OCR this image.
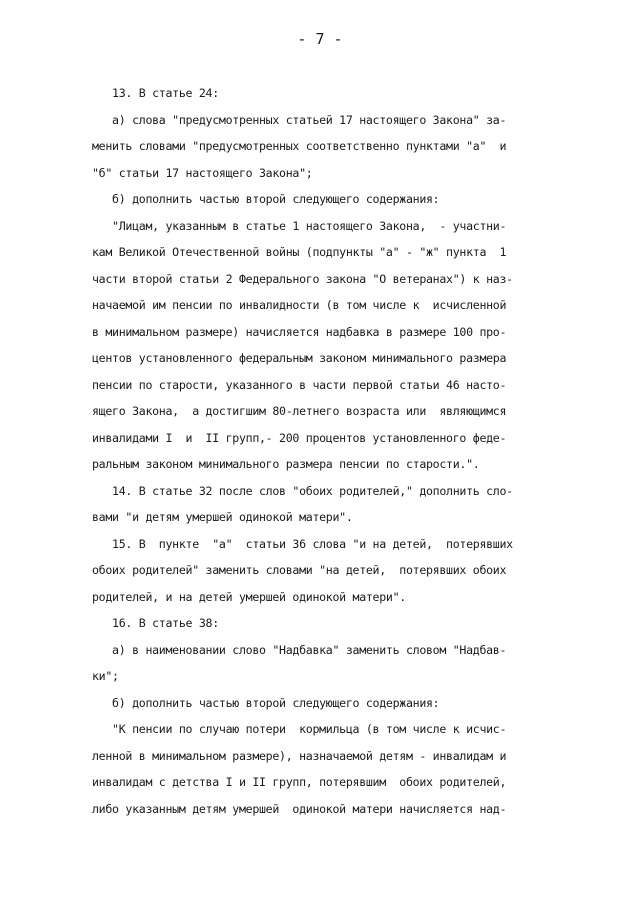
- 7 -
13. В статье 24:
а) слова "предусмотренных статьей 17 настоящего Закона" за-
менить словами "предусмотренных соответственно пунктами "а"  и
"б" статьи 17 настоящего Закона";
б) дополнить частью второй следующего содержания:
"Лицам, указанным в статье 1 настоящего Закона,  - участни-
кам Великой Отечественной войны (подпункты "а" - "ж" пункта  1
части второй статьи 2 Федерального закона "О ветеранах") к наз-
начаемой им пенсии по инвалидности (в том числе к  исчисленной
в минимальном размере) начисляется надбавка в размере 100 про-
центов установленного федеральным законом минимального размера
пенсии по старости, указанного в части первой статьи 46 насто-
ящего Закона,  а достигшим 80-летнего возраста или  являющимся
инвалидами I  и  II групп,- 200 процентов установленного феде-
ральным законом минимального размера пенсии по старости.".
14. В статье 32 после слов "обоих родителей," дополнить сло-
вами "и детям умершей одинокой матери".
15. В  пункте  "а"  статьи 36 слова "и на детей,  потерявших
обоих родителей" заменить словами "на детей,  потерявших обоих
родителей, и на детей умершей одинокой матери".
16. В статье 38:
а) в наименовании слово "Надбавка" заменить словом "Надбав-
ки";
б) дополнить частью второй следующего содержания:
"К пенсии по случаю потери  кормильца (в том числе к исчис-
ленной в минимальном размере), назначаемой детям - инвалидам и
инвалидам с детства I и II групп, потерявшим  обоих родителей,
либо указанным детям умершей  одинокой матери начисляется над-
